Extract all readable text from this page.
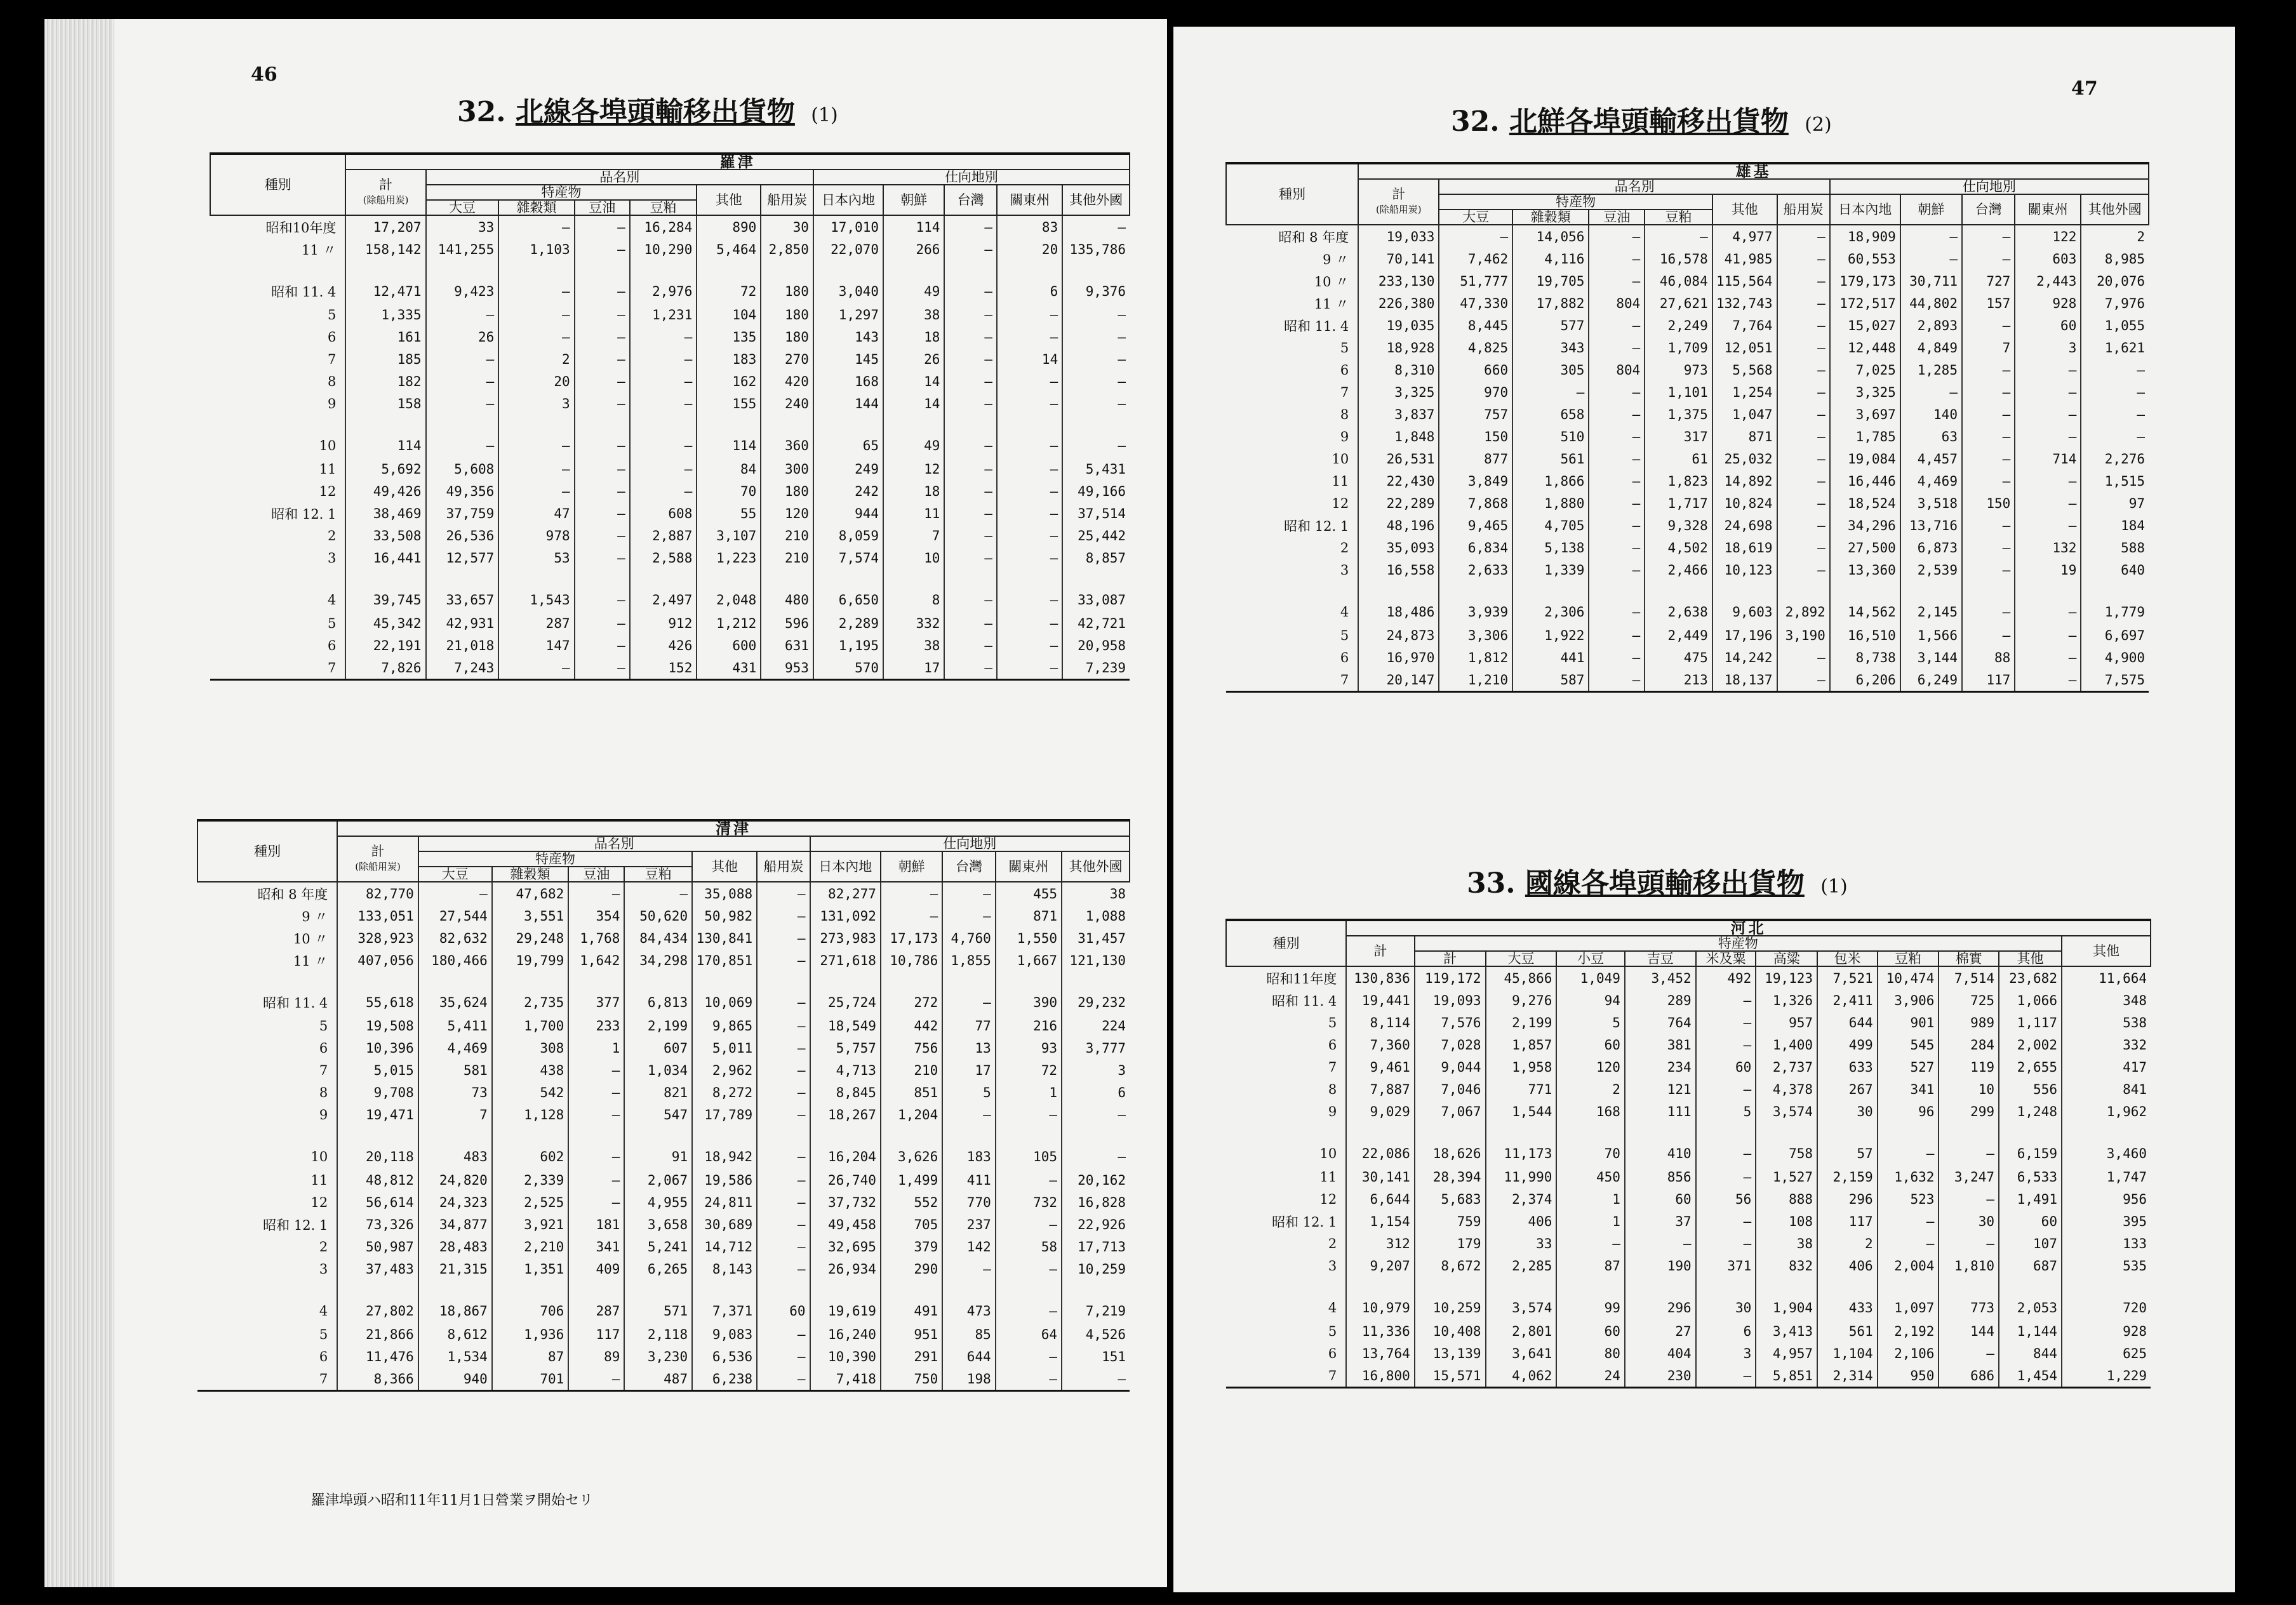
46
32. 北線各埠頭輸移出貨物 (1)
種別	羅津											
	計
(除船用炭)	品名別						仕向地別				
		特産物				其他	船用炭	日本內地	朝鮮	台灣	關東州	其他外國
		大豆	雜穀類	豆油	豆粕							
昭和10年度	17,207	33	—	—	16,284	890	30	17,010	114	—	83	—
11 〃	158,142	141,255	1,103	—	10,290	5,464	2,850	22,070	266	—	20	135,786
昭和 11. 4	12,471	9,423	—	—	2,976	72	180	3,040	49	—	6	9,376
5	1,335	—	—	—	1,231	104	180	1,297	38	—	—	—
6	161	26	—	—	—	135	180	143	18	—	—	—
7	185	—	2	—	—	183	270	145	26	—	14	—
8	182	—	20	—	—	162	420	168	14	—	—	—
9	158	—	3	—	—	155	240	144	14	—	—	—
10	114	—	—	—	—	114	360	65	49	—	—	—
11	5,692	5,608	—	—	—	84	300	249	12	—	—	5,431
12	49,426	49,356	—	—	—	70	180	242	18	—	—	49,166
昭和 12. 1	38,469	37,759	47	—	608	55	120	944	11	—	—	37,514
2	33,508	26,536	978	—	2,887	3,107	210	8,059	7	—	—	25,442
3	16,441	12,577	53	—	2,588	1,223	210	7,574	10	—	—	8,857
4	39,745	33,657	1,543	—	2,497	2,048	480	6,650	8	—	—	33,087
5	45,342	42,931	287	—	912	1,212	596	2,289	332	—	—	42,721
6	22,191	21,018	147	—	426	600	631	1,195	38	—	—	20,958
7	7,826	7,243	—	—	152	431	953	570	17	—	—	7,239
種別	清津											
	計
(除船用炭)	品名別						仕向地別				
		特産物				其他	船用炭	日本內地	朝鮮	台灣	關東州	其他外國
		大豆	雜穀類	豆油	豆粕							
昭和 8 年度	82,770	—	47,682	—	—	35,088	—	82,277	—	—	455	38
9 〃	133,051	27,544	3,551	354	50,620	50,982	—	131,092	—	—	871	1,088
10 〃	328,923	82,632	29,248	1,768	84,434	130,841	—	273,983	17,173	4,760	1,550	31,457
11 〃	407,056	180,466	19,799	1,642	34,298	170,851	—	271,618	10,786	1,855	1,667	121,130
昭和 11. 4	55,618	35,624	2,735	377	6,813	10,069	—	25,724	272	—	390	29,232
5	19,508	5,411	1,700	233	2,199	9,865	—	18,549	442	77	216	224
6	10,396	4,469	308	1	607	5,011	—	5,757	756	13	93	3,777
7	5,015	581	438	—	1,034	2,962	—	4,713	210	17	72	3
8	9,708	73	542	—	821	8,272	—	8,845	851	5	1	6
9	19,471	7	1,128	—	547	17,789	—	18,267	1,204	—	—	—
10	20,118	483	602	—	91	18,942	—	16,204	3,626	183	105	—
11	48,812	24,820	2,339	—	2,067	19,586	—	26,740	1,499	411	—	20,162
12	56,614	24,323	2,525	—	4,955	24,811	—	37,732	552	770	732	16,828
昭和 12. 1	73,326	34,877	3,921	181	3,658	30,689	—	49,458	705	237	—	22,926
2	50,987	28,483	2,210	341	5,241	14,712	—	32,695	379	142	58	17,713
3	37,483	21,315	1,351	409	6,265	8,143	—	26,934	290	—	—	10,259
4	27,802	18,867	706	287	571	7,371	60	19,619	491	473	—	7,219
5	21,866	8,612	1,936	117	2,118	9,083	—	16,240	951	85	64	4,526
6	11,476	1,534	87	89	3,230	6,536	—	10,390	291	644	—	151
7	8,366	940	701	—	487	6,238	—	7,418	750	198	—	—
羅津埠頭ハ昭和11年11月1日營業ヲ開始セリ
47
32. 北鮮各埠頭輸移出貨物 (2)
種別	雄基											
	計
(除船用炭)	品名別						仕向地別				
		特産物				其他	船用炭	日本內地	朝鮮	台灣	關東州	其他外國
		大豆	雜穀類	豆油	豆粕							
昭和 8 年度	19,033	—	14,056	—	—	4,977	—	18,909	—	—	122	2
9 〃	70,141	7,462	4,116	—	16,578	41,985	—	60,553	—	—	603	8,985
10 〃	233,130	51,777	19,705	—	46,084	115,564	—	179,173	30,711	727	2,443	20,076
11 〃	226,380	47,330	17,882	804	27,621	132,743	—	172,517	44,802	157	928	7,976
昭和 11. 4	19,035	8,445	577	—	2,249	7,764	—	15,027	2,893	—	60	1,055
5	18,928	4,825	343	—	1,709	12,051	—	12,448	4,849	7	3	1,621
6	8,310	660	305	804	973	5,568	—	7,025	1,285	—	—	—
7	3,325	970	—	—	1,101	1,254	—	3,325	—	—	—	—
8	3,837	757	658	—	1,375	1,047	—	3,697	140	—	—	—
9	1,848	150	510	—	317	871	—	1,785	63	—	—	—
10	26,531	877	561	—	61	25,032	—	19,084	4,457	—	714	2,276
11	22,430	3,849	1,866	—	1,823	14,892	—	16,446	4,469	—	—	1,515
12	22,289	7,868	1,880	—	1,717	10,824	—	18,524	3,518	150	—	97
昭和 12. 1	48,196	9,465	4,705	—	9,328	24,698	—	34,296	13,716	—	—	184
2	35,093	6,834	5,138	—	4,502	18,619	—	27,500	6,873	—	132	588
3	16,558	2,633	1,339	—	2,466	10,123	—	13,360	2,539	—	19	640
4	18,486	3,939	2,306	—	2,638	9,603	2,892	14,562	2,145	—	—	1,779
5	24,873	3,306	1,922	—	2,449	17,196	3,190	16,510	1,566	—	—	6,697
6	16,970	1,812	441	—	475	14,242	—	8,738	3,144	88	—	4,900
7	20,147	1,210	587	—	213	18,137	—	6,206	6,249	117	—	7,575
33. 國線各埠頭輸移出貨物 (1)
種別	河北											
	計	特産物										其他
		計	大豆	小豆	吉豆	米及粟	高粱	包米	豆粕	棉實	其他	
昭和11年度	130,836	119,172	45,866	1,049	3,452	492	19,123	7,521	10,474	7,514	23,682	11,664
昭和 11. 4	19,441	19,093	9,276	94	289	—	1,326	2,411	3,906	725	1,066	348
5	8,114	7,576	2,199	5	764	—	957	644	901	989	1,117	538
6	7,360	7,028	1,857	60	381	—	1,400	499	545	284	2,002	332
7	9,461	9,044	1,958	120	234	60	2,737	633	527	119	2,655	417
8	7,887	7,046	771	2	121	—	4,378	267	341	10	556	841
9	9,029	7,067	1,544	168	111	5	3,574	30	96	299	1,248	1,962
10	22,086	18,626	11,173	70	410	—	758	57	—	—	6,159	3,460
11	30,141	28,394	11,990	450	856	—	1,527	2,159	1,632	3,247	6,533	1,747
12	6,644	5,683	2,374	1	60	56	888	296	523	—	1,491	956
昭和 12. 1	1,154	759	406	1	37	—	108	117	—	30	60	395
2	312	179	33	—	—	—	38	2	—	—	107	133
3	9,207	8,672	2,285	87	190	371	832	406	2,004	1,810	687	535
4	10,979	10,259	3,574	99	296	30	1,904	433	1,097	773	2,053	720
5	11,336	10,408	2,801	60	27	6	3,413	561	2,192	144	1,144	928
6	13,764	13,139	3,641	80	404	3	4,957	1,104	2,106	—	844	625
7	16,800	15,571	4,062	24	230	—	5,851	2,314	950	686	1,454	1,229
